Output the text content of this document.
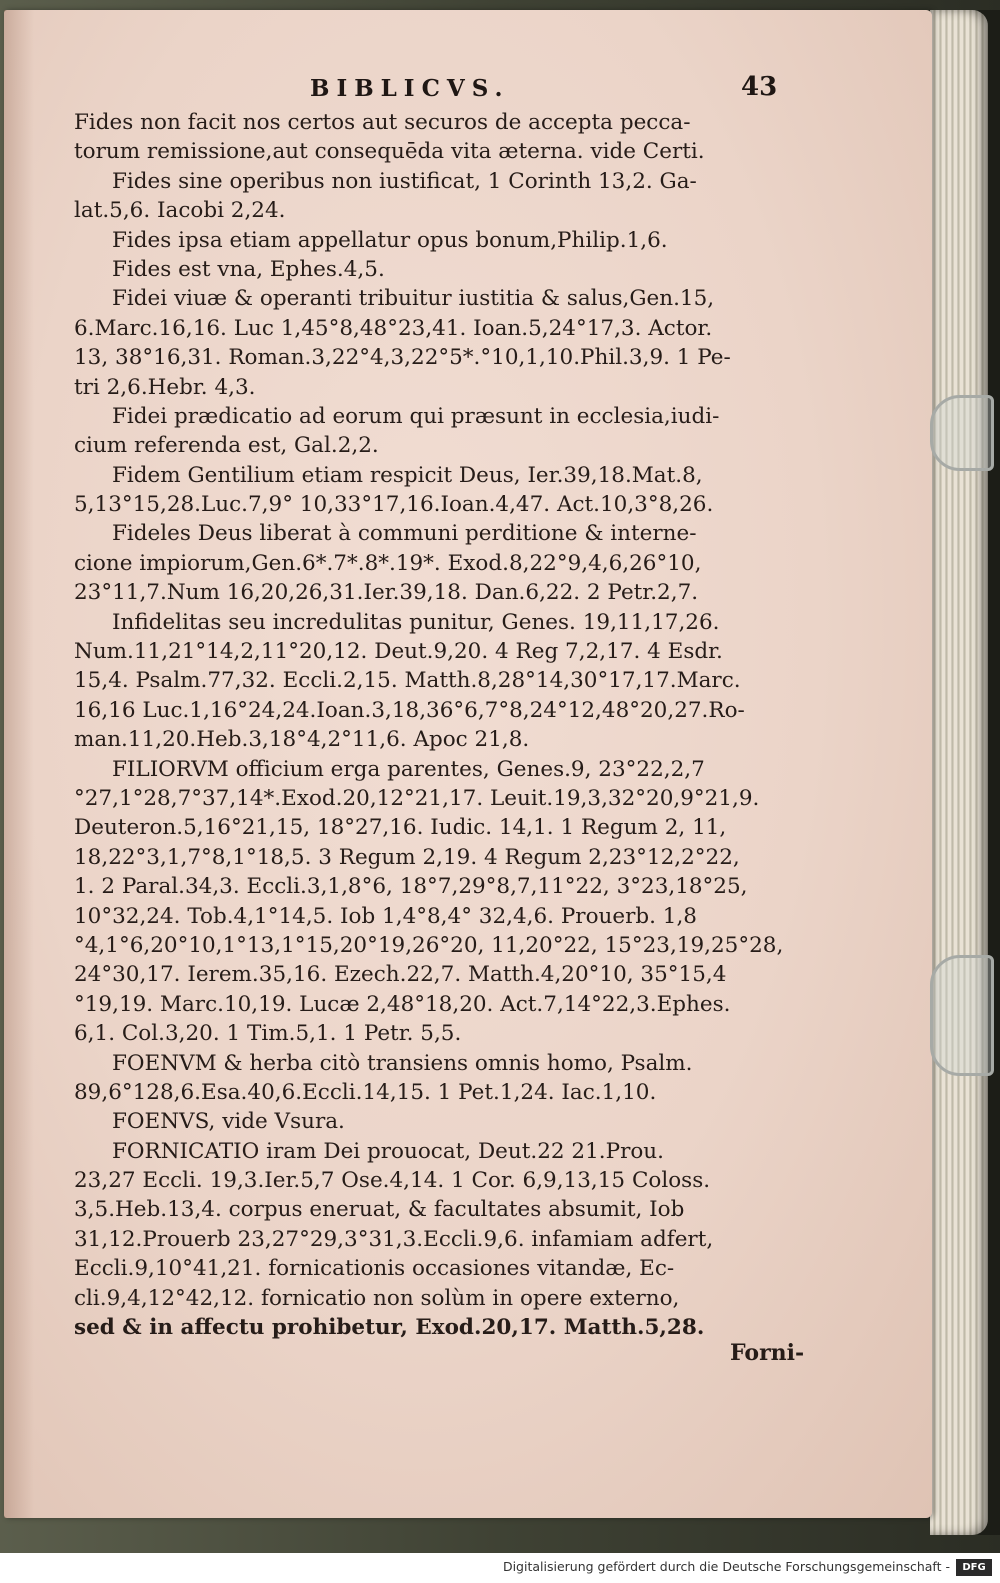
BIBLICVS.	43
Fides non facit nos certos aut securos de accepta pecca-
torum remissione,aut consequēda vita æterna. vide Certi.
Fides sine operibus non iustificat, 1 Corinth 13,2. Ga-
lat.5,6. Iacobi 2,24.
Fides ipsa etiam appellatur opus bonum,Philip.1,6.
Fides est vna, Ephes.4,5.
Fidei viuæ & operanti tribuitur iustitia & salus,Gen.15,
6.Marc.16,16. Luc 1,45°8,48°23,41. Ioan.5,24°17,3. Actor.
13, 38°16,31. Roman.3,22°4,3,22°5*.°10,1,10.Phil.3,9. 1 Pe-
tri 2,6.Hebr. 4,3.
Fidei prædicatio ad eorum qui præsunt in ecclesia,iudi-
cium referenda est, Gal.2,2.
Fidem Gentilium etiam respicit Deus, Ier.39,18.Mat.8,
5,13°15,28.Luc.7,9° 10,33°17,16.Ioan.4,47. Act.10,3°8,26.
Fideles Deus liberat à communi perditione & interne-
cione impiorum,Gen.6*.7*.8*.19*. Exod.8,22°9,4,6,26°10,
23°11,7.Num 16,20,26,31.Ier.39,18. Dan.6,22. 2 Petr.2,7.
Infidelitas seu incredulitas punitur, Genes. 19,11,17,26.
Num.11,21°14,2,11°20,12. Deut.9,20. 4 Reg 7,2,17. 4 Esdr.
15,4. Psalm.77,32. Eccli.2,15. Matth.8,28°14,30°17,17.Marc.
16,16 Luc.1,16°24,24.Ioan.3,18,36°6,7°8,24°12,48°20,27.Ro-
man.11,20.Heb.3,18°4,2°11,6. Apoc 21,8.
FILIORVM officium erga parentes, Genes.9, 23°22,2,7
°27,1°28,7°37,14*.Exod.20,12°21,17. Leuit.19,3,32°20,9°21,9.
Deuteron.5,16°21,15, 18°27,16. Iudic. 14,1. 1 Regum 2, 11,
18,22°3,1,7°8,1°18,5. 3 Regum 2,19. 4 Regum 2,23°12,2°22,
1. 2 Paral.34,3. Eccli.3,1,8°6, 18°7,29°8,7,11°22, 3°23,18°25,
10°32,24. Tob.4,1°14,5. Iob 1,4°8,4° 32,4,6. Prouerb. 1,8
°4,1°6,20°10,1°13,1°15,20°19,26°20, 11,20°22, 15°23,19,25°28,
24°30,17. Ierem.35,16. Ezech.22,7. Matth.4,20°10, 35°15,4
°19,19. Marc.10,19. Lucæ 2,48°18,20. Act.7,14°22,3.Ephes.
6,1. Col.3,20. 1 Tim.5,1. 1 Petr. 5,5.
FOENVM & herba citò transiens omnis homo, Psalm.
89,6°128,6.Esa.40,6.Eccli.14,15. 1 Pet.1,24. Iac.1,10.
FOENVS, vide Vsura.
FORNICATIO iram Dei prouocat, Deut.22 21.Prou.
23,27 Eccli. 19,3.Ier.5,7 Ose.4,14. 1 Cor. 6,9,13,15 Coloss.
3,5.Heb.13,4. corpus eneruat, & facultates absumit, Iob
31,12.Prouerb 23,27°29,3°31,3.Eccli.9,6. infamiam adfert,
Eccli.9,10°41,21. fornicationis occasiones vitandæ, Ec-
cli.9,4,12°42,12. fornicatio non solùm in opere externo,
sed & in affectu prohibetur, Exod.20,17. Matth.5,28.
Forni-
Digitalisierung gefördert durch die Deutsche Forschungsgemeinschaft -	DFG
